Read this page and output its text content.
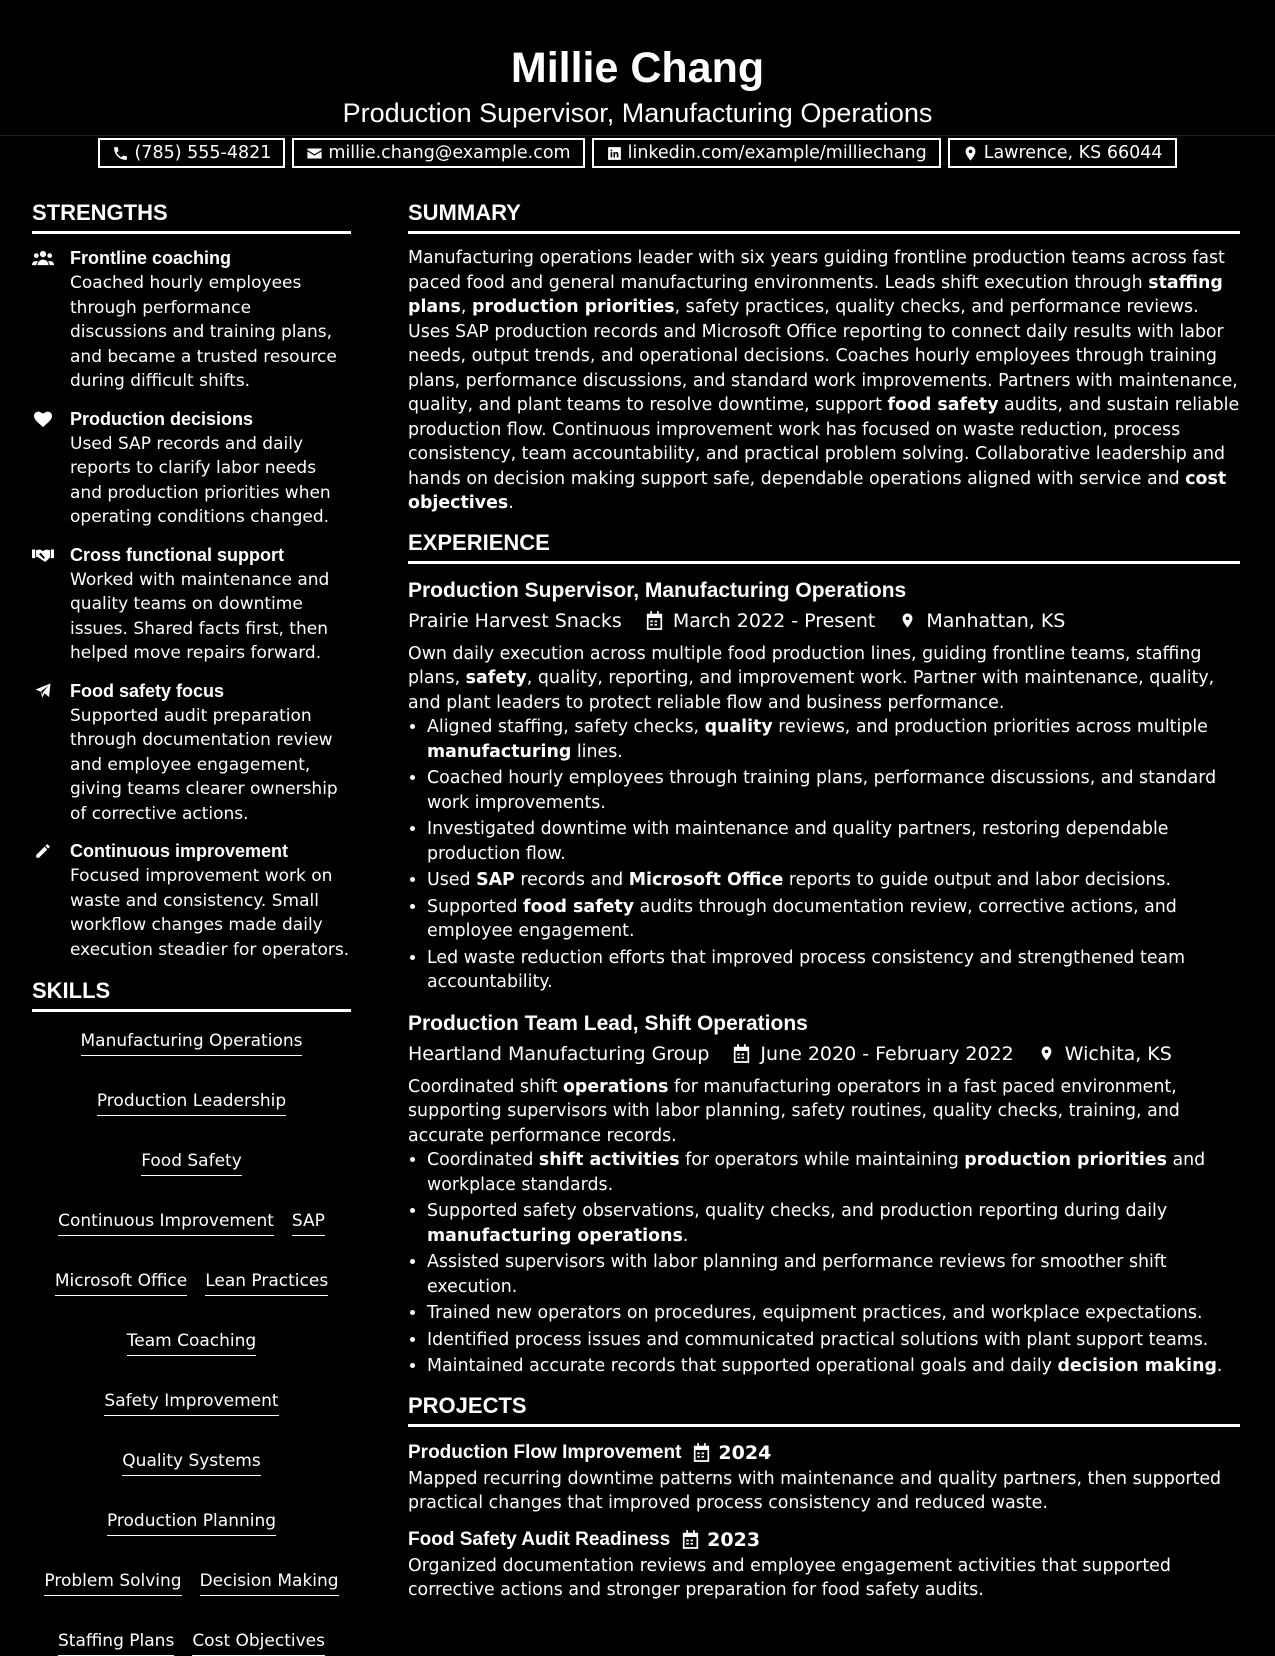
Millie Chang
Production Supervisor, Manufacturing Operations
(785) 555-4821	millie.chang@example.com	linkedin.com/example/milliechang	Lawrence, KS 66044
STRENGTHS
Frontline coaching
Coached hourly employees through performance discussions and training plans, and became a trusted resource during difficult shifts.
Production decisions
Used SAP records and daily reports to clarify labor needs and production priorities when operating conditions changed.
Cross functional support
Worked with maintenance and quality teams on downtime issues. Shared facts first, then helped move repairs forward.
Food safety focus
Supported audit preparation through documentation review and employee engagement, giving teams clearer ownership of corrective actions.
Continuous improvement
Focused improvement work on waste and consistency. Small workflow changes made daily execution steadier for operators.
SKILLS
Manufacturing Operations
Production Leadership
Food Safety
Continuous Improvement SAP
Microsoft Office Lean Practices
Team Coaching
Safety Improvement
Quality Systems
Production Planning
Problem Solving Decision Making
Staffing Plans Cost Objectives
SUMMARY
Manufacturing operations leader with six years guiding frontline production teams across fast paced food and general manufacturing environments. Leads shift execution through staffing plans, production priorities, safety practices, quality checks, and performance reviews. Uses SAP production records and Microsoft Office reporting to connect daily results with labor needs, output trends, and operational decisions. Coaches hourly employees through training plans, performance discussions, and standard work improvements. Partners with maintenance, quality, and plant teams to resolve downtime, support food safety audits, and sustain reliable production flow. Continuous improvement work has focused on waste reduction, process consistency, team accountability, and practical problem solving. Collaborative leadership and hands on decision making support safe, dependable operations aligned with service and cost objectives.
EXPERIENCE
Production Supervisor, Manufacturing Operations
Prairie Harvest Snacks	March 2022 - Present	Manhattan, KS
Own daily execution across multiple food production lines, guiding frontline teams, staffing plans, safety, quality, reporting, and improvement work. Partner with maintenance, quality, and plant leaders to protect reliable flow and business performance.
• Aligned staffing, safety checks, quality reviews, and production priorities across multiple manufacturing lines.
• Coached hourly employees through training plans, performance discussions, and standard work improvements.
• Investigated downtime with maintenance and quality partners, restoring dependable production flow.
• Used SAP records and Microsoft Office reports to guide output and labor decisions.
• Supported food safety audits through documentation review, corrective actions, and employee engagement.
• Led waste reduction efforts that improved process consistency and strengthened team accountability.
Production Team Lead, Shift Operations
Heartland Manufacturing Group	June 2020 - February 2022	Wichita, KS
Coordinated shift operations for manufacturing operators in a fast paced environment, supporting supervisors with labor planning, safety routines, quality checks, training, and accurate performance records.
• Coordinated shift activities for operators while maintaining production priorities and workplace standards.
• Supported safety observations, quality checks, and production reporting during daily manufacturing operations.
• Assisted supervisors with labor planning and performance reviews for smoother shift execution.
• Trained new operators on procedures, equipment practices, and workplace expectations.
• Identified process issues and communicated practical solutions with plant support teams.
• Maintained accurate records that supported operational goals and daily decision making.
PROJECTS
Production Flow Improvement 2024
Mapped recurring downtime patterns with maintenance and quality partners, then supported practical changes that improved process consistency and reduced waste.
Food Safety Audit Readiness 2023
Organized documentation reviews and employee engagement activities that supported corrective actions and stronger preparation for food safety audits.
